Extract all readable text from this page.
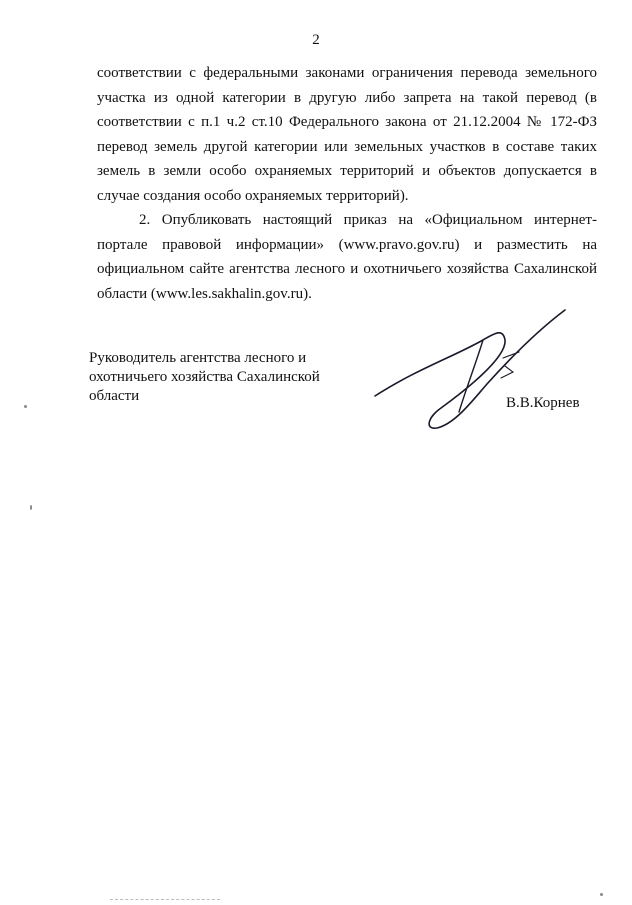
2
соответствии с федеральными законами ограничения перевода земельного участка из одной категории в другую либо запрета на такой перевод (в соответствии с п.1 ч.2 ст.10 Федерального закона от 21.12.2004 № 172-ФЗ перевод земель другой категории или земельных участков в составе таких земель в земли особо охраняемых территорий и объектов допускается в случае создания особо охраняемых территорий).
2. Опубликовать настоящий приказ на «Официальном интернет-портале правовой информации» (www.pravo.gov.ru) и разместить на официальном сайте агентства лесного и охотничьего хозяйства Сахалинской области (www.les.sakhalin.gov.ru).
Руководитель агентства лесного и
охотничьего хозяйства Сахалинской
области	В.В.Корнев
